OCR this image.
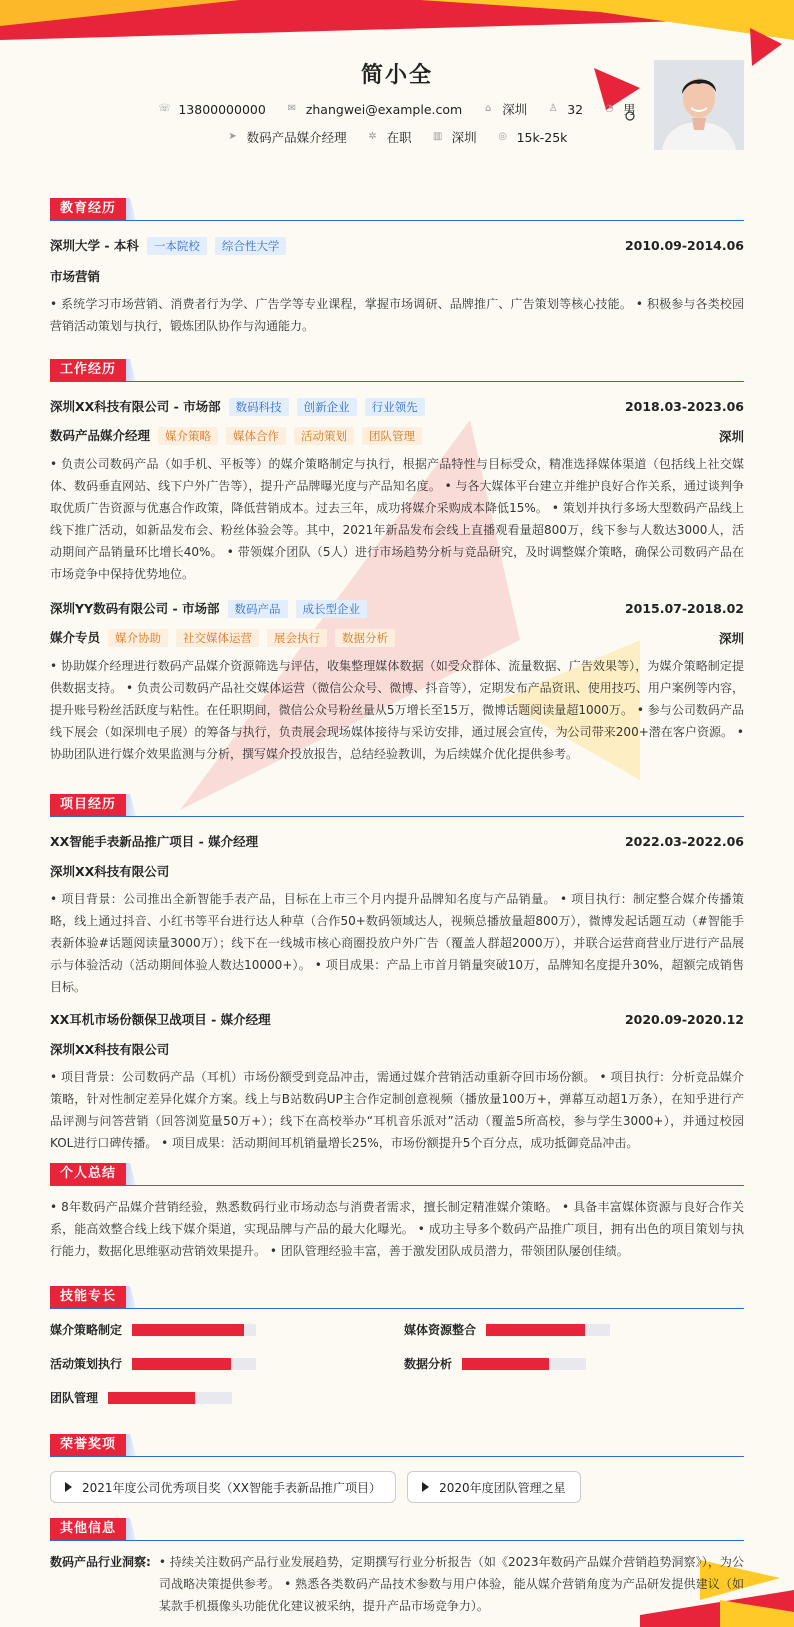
简小全
☏ 13800000000 ✉ zhangwei@example.com ⌂ 深圳 ♙ 32 ◔ 男
➤ 数码产品媒介经理 ✲ 在职 ▥ 深圳 ◎ 15k-25k
教育经历
深圳大学 - 本科 一本院校 综合性大学	2010.09-2014.06
市场营销
• 系统学习市场营销、消费者行为学、广告学等专业课程，掌握市场调研、品牌推广、广告策划等核心技能。 • 积极参与各类校园营销活动策划与执行，锻炼团队协作与沟通能力。
工作经历
深圳XX科技有限公司 - 市场部 数码科技 创新企业 行业领先	2018.03-2023.06
数码产品媒介经理 媒介策略 媒体合作 活动策划 团队管理	深圳
• 负责公司数码产品（如手机、平板等）的媒介策略制定与执行，根据产品特性与目标受众，精准选择媒体渠道（包括线上社交媒体、数码垂直网站、线下户外广告等），提升产品牌曝光度与产品知名度。 • 与各大媒体平台建立并维护良好合作关系，通过谈判争取优质广告资源与优惠合作政策，降低营销成本。过去三年，成功将媒介采购成本降低15%。 • 策划并执行多场大型数码产品线上线下推广活动，如新品发布会、粉丝体验会等。其中，2021年新品发布会线上直播观看量超800万，线下参与人数达3000人，活动期间产品销量环比增长40%。 • 带领媒介团队（5人）进行市场趋势分析与竞品研究，及时调整媒介策略，确保公司数码产品在市场竞争中保持优势地位。
深圳YY数码有限公司 - 市场部 数码产品 成长型企业	2015.07-2018.02
媒介专员 媒介协助 社交媒体运营 展会执行 数据分析	深圳
• 协助媒介经理进行数码产品媒介资源筛选与评估，收集整理媒体数据（如受众群体、流量数据、广告效果等），为媒介策略制定提供数据支持。 • 负责公司数码产品社交媒体运营（微信公众号、微博、抖音等），定期发布产品资讯、使用技巧、用户案例等内容，提升账号粉丝活跃度与粘性。在任职期间，微信公众号粉丝量从5万增长至15万，微博话题阅读量超1000万。 • 参与公司数码产品线下展会（如深圳电子展）的筹备与执行，负责展会现场媒体接待与采访安排，通过展会宣传，为公司带来200+潜在客户资源。 • 协助团队进行媒介效果监测与分析，撰写媒介投放报告，总结经验教训，为后续媒介优化提供参考。
项目经历
XX智能手表新品推广项目 - 媒介经理	2022.03-2022.06
深圳XX科技有限公司
• 项目背景：公司推出全新智能手表产品，目标在上市三个月内提升品牌知名度与产品销量。 • 项目执行：制定整合媒介传播策略，线上通过抖音、小红书等平台进行达人种草（合作50+数码领域达人，视频总播放量超800万），微博发起话题互动（#智能手表新体验#话题阅读量3000万）；线下在一线城市核心商圈投放户外广告（覆盖人群超2000万），并联合运营商营业厅进行产品展示与体验活动（活动期间体验人数达10000+）。 • 项目成果：产品上市首月销量突破10万，品牌知名度提升30%，超额完成销售目标。
XX耳机市场份额保卫战项目 - 媒介经理	2020.09-2020.12
深圳XX科技有限公司
• 项目背景：公司数码产品（耳机）市场份额受到竞品冲击，需通过媒介营销活动重新夺回市场份额。 • 项目执行：分析竞品媒介策略，针对性制定差异化媒介方案。线上与B站数码UP主合作定制创意视频（播放量100万+，弹幕互动超1万条），在知乎进行产品评测与问答营销（回答浏览量50万+）；线下在高校举办“耳机音乐派对”活动（覆盖5所高校，参与学生3000+），并通过校园KOL进行口碑传播。 • 项目成果：活动期间耳机销量增长25%，市场份额提升5个百分点，成功抵御竞品冲击。
个人总结
• 8年数码产品媒介营销经验，熟悉数码行业市场动态与消费者需求，擅长制定精准媒介策略。 • 具备丰富媒体资源与良好合作关系，能高效整合线上线下媒介渠道，实现品牌与产品的最大化曝光。 • 成功主导多个数码产品推广项目，拥有出色的项目策划与执行能力，数据化思维驱动营销效果提升。 • 团队管理经验丰富，善于激发团队成员潜力，带领团队屡创佳绩。
技能专长
媒介策略制定	媒体资源整合
活动策划执行	数据分析
团队管理
荣誉奖项
2021年度公司优秀项目奖（XX智能手表新品推广项目）
	2020年度团队管理之星
其他信息
数码产品行业洞察: • 持续关注数码产品行业发展趋势，定期撰写行业分析报告（如《2023年数码产品媒介营销趋势洞察》），为公司战略决策提供参考。 • 熟悉各类数码产品技术参数与用户体验，能从媒介营销角度为产品研发提供建议（如某款手机摄像头功能优化建议被采纳，提升产品市场竞争力）。
